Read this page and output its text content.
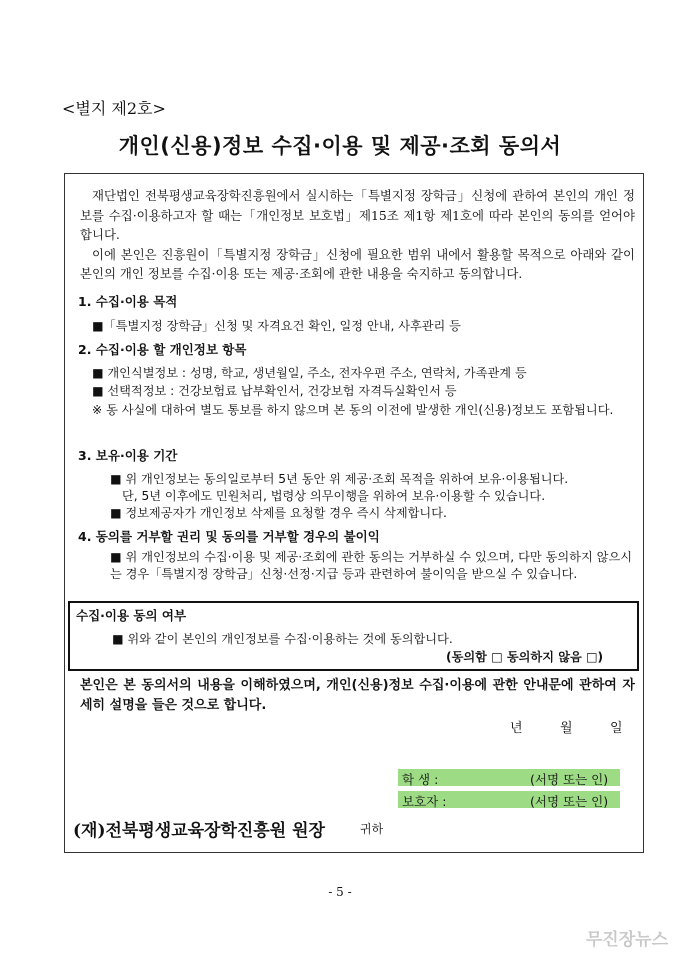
<별지 제2호>
개인(신용)정보 수집·이용 및 제공·조회 동의서
재단법인 전북평생교육장학진흥원에서 실시하는「특별지정 장학금」신청에 관하여 본인의 개인 정보를 수집·이용하고자 할 때는「개인정보 보호법」제15조 제1항 제1호에 따라 본인의 동의를 얻어야 합니다.
이에 본인은 진흥원이「특별지정 장학금」신청에 필요한 범위 내에서 활용할 목적으로 아래와 같이 본인의 개인 정보를 수집·이용 또는 제공·조회에 관한 내용을 숙지하고 동의합니다.
1. 수집·이용 목적
■「특별지정 장학금」신청 및 자격요건 확인, 일정 안내, 사후관리 등
2. 수집·이용 할 개인정보 항목
■ 개인식별정보 : 성명, 학교, 생년월일, 주소, 전자우편 주소, 연락처, 가족관계 등
■ 선택적정보 : 건강보험료 납부확인서, 건강보험 자격득실확인서 등
※ 동 사실에 대하여 별도 통보를 하지 않으며 본 동의 이전에 발생한 개인(신용)정보도 포함됩니다.
3. 보유·이용 기간
■ 위 개인정보는 동의일로부터 5년 동안 위 제공·조회 목적을 위하여 보유·이용됩니다.
단, 5년 이후에도 민원처리, 법령상 의무이행을 위하여 보유·이용할 수 있습니다.
■ 정보제공자가 개인정보 삭제를 요청할 경우 즉시 삭제합니다.
4. 동의를 거부할 권리 및 동의를 거부할 경우의 불이익
■ 위 개인정보의 수집·이용 및 제공·조회에 관한 동의는 거부하실 수 있으며, 다만 동의하지 않으시는 경우「특별지정 장학금」신청·선정·지급 등과 관련하여 불이익을 받으실 수 있습니다.
수집·이용 동의 여부
■ 위와 같이 본인의 개인정보를 수집·이용하는 것에 동의합니다.
(동의함 □ 동의하지 않음 □)
본인은 본 동의서의 내용을 이해하였으며, 개인(신용)정보 수집·이용에 관한 안내문에 관하여 자세히 설명을 들은 것으로 합니다.
년	월	일
학 생 :	(서명 또는 인)
보호자 :	(서명 또는 인)
(재)전북평생교육장학진흥원 원장	귀하
- 5 -
무진장뉴스
